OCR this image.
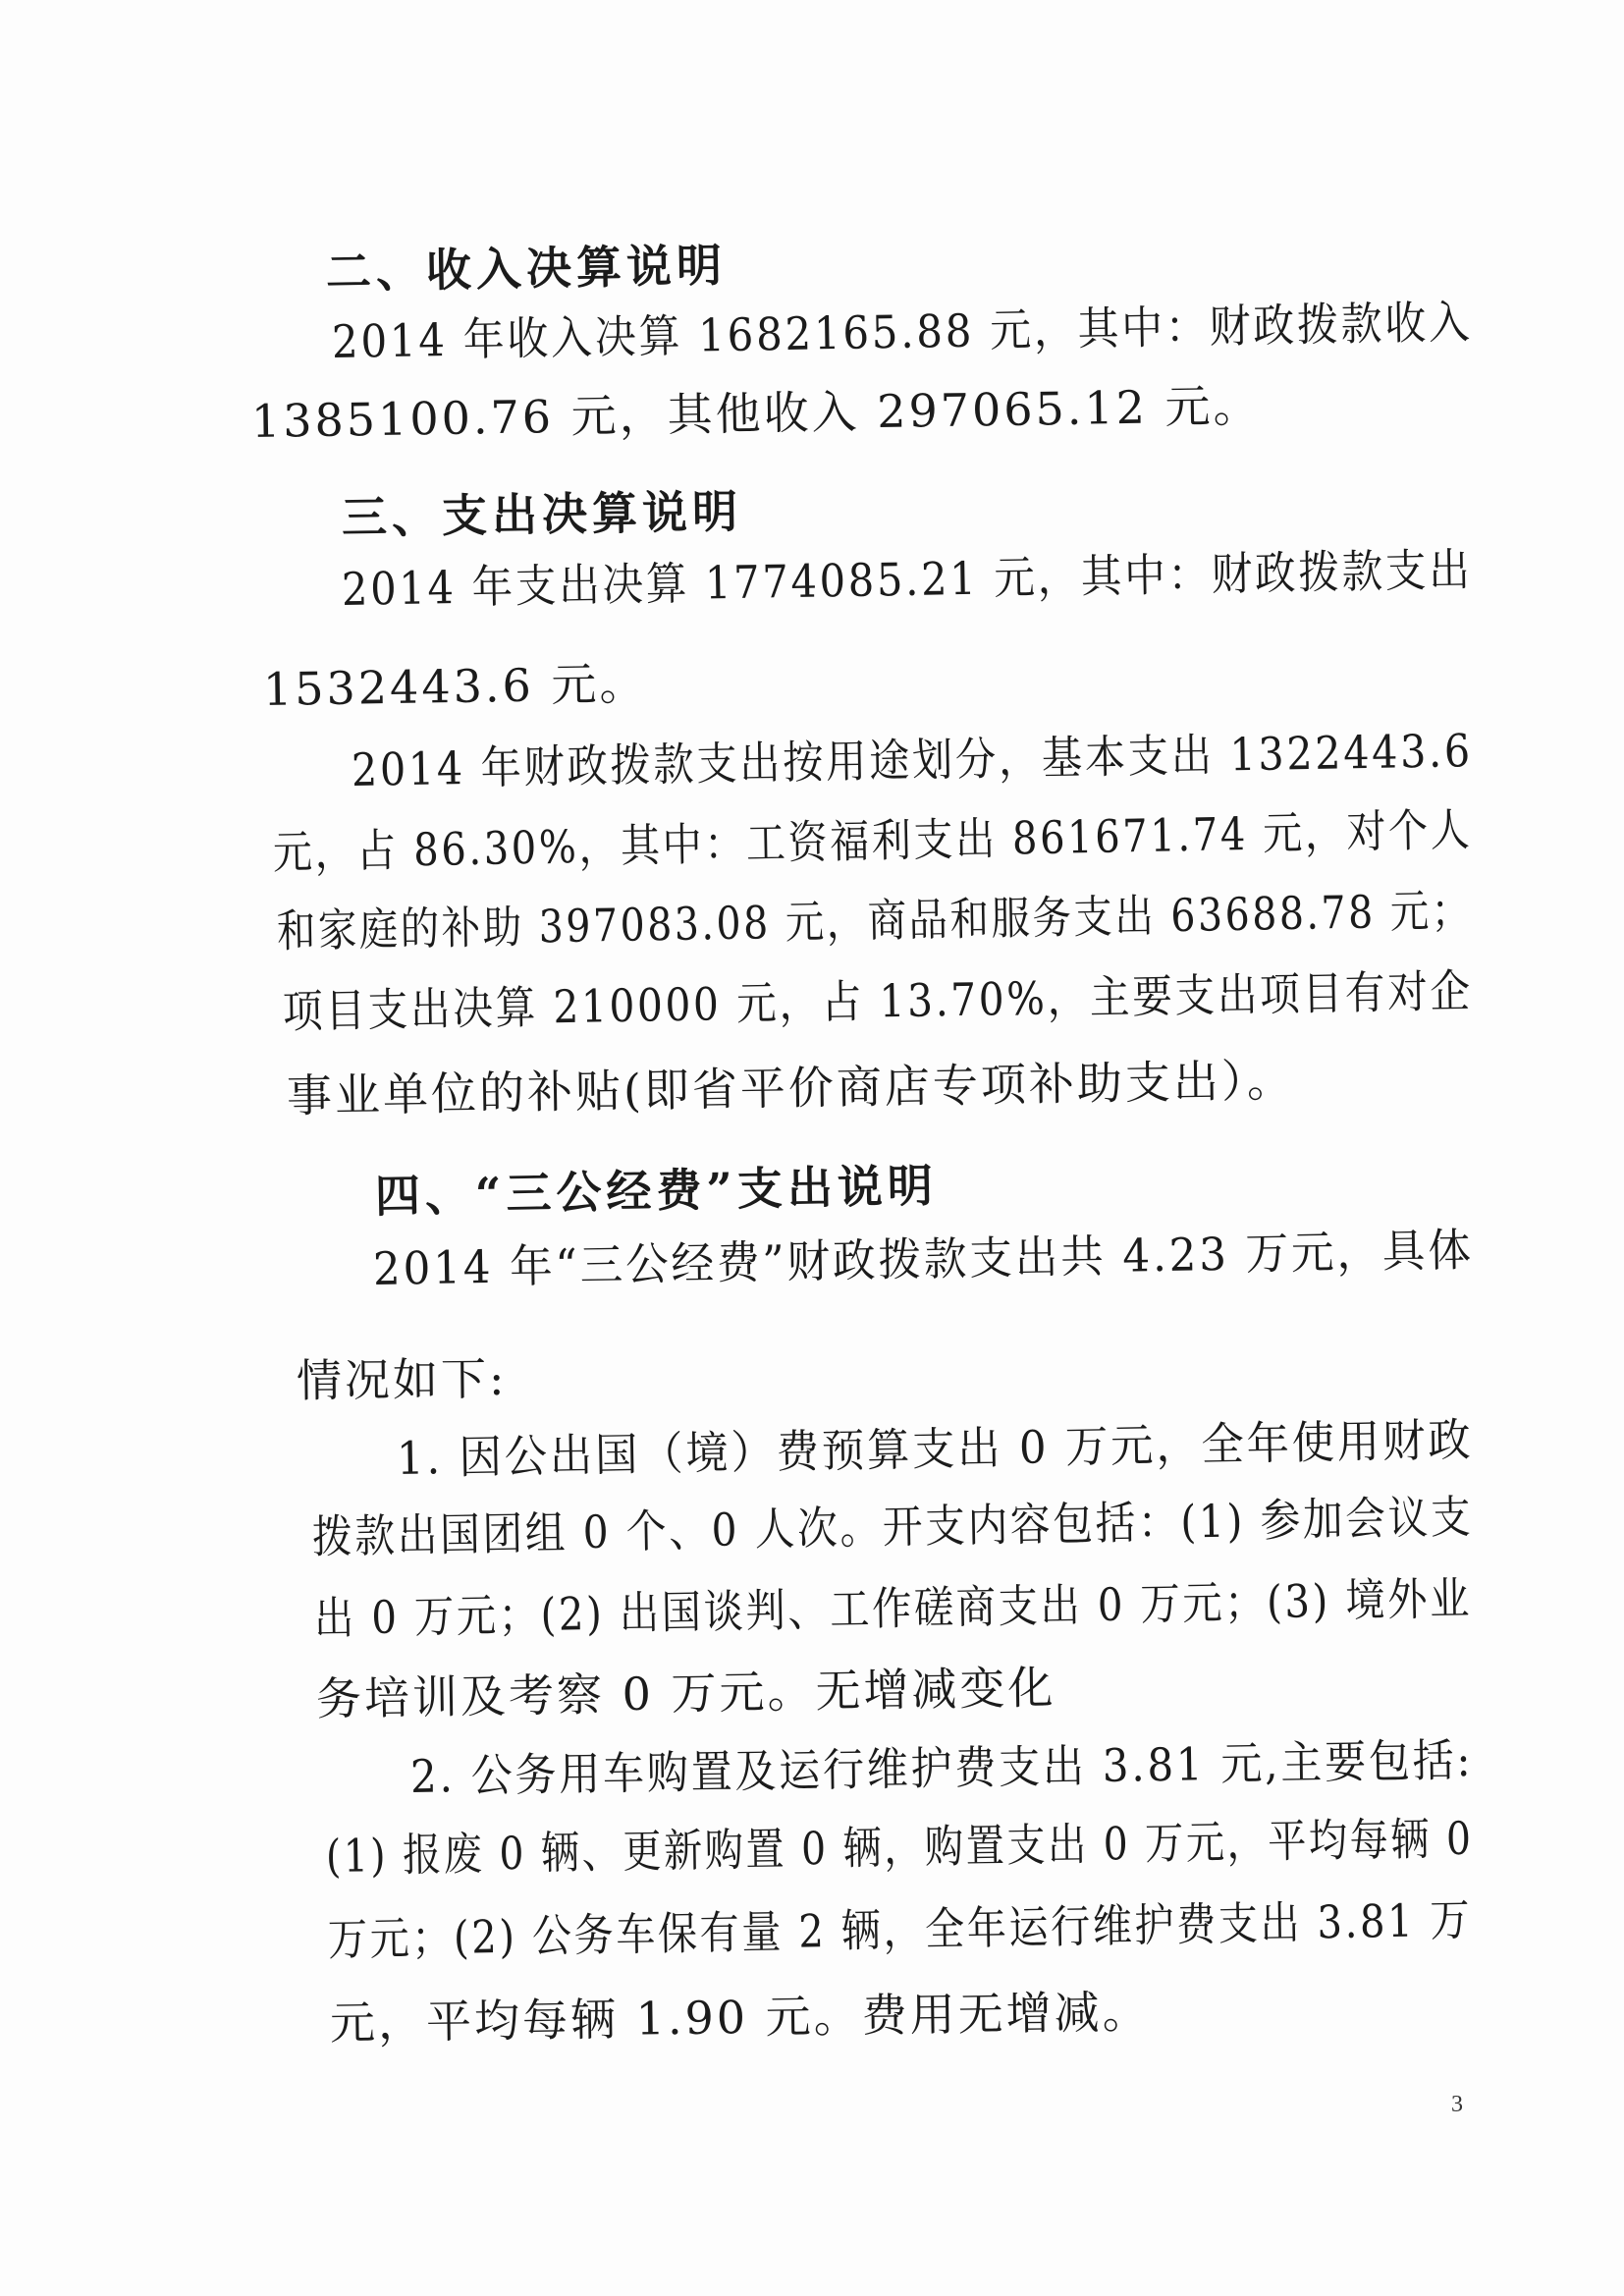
二、收入决算说明
2014 年收入决算 1682165.88 元，其中：财政拨款收入
1385100.76 元，其他收入 297065.12 元。
三、支出决算说明
2014 年支出决算 1774085.21 元，其中：财政拨款支出
1532443.6 元。
2014 年财政拨款支出按用途划分，基本支出 1322443.6
元，占 86.30%，其中：工资福利支出 861671.74 元，对个人
和家庭的补助 397083.08 元，商品和服务支出 63688.78 元；
项目支出决算 210000 元，占 13.70%，主要支出项目有对企
事业单位的补贴(即省平价商店专项补助支出）。
四、“三公经费”支出说明
2014 年“三公经费”财政拨款支出共 4.23 万元，具体
情况如下:
1. 因公出国（境）费预算支出 0 万元，全年使用财政
拨款出国团组 0 个、0 人次。开支内容包括：(1) 参加会议支
出 0 万元；(2) 出国谈判、工作磋商支出 0 万元；(3) 境外业
务培训及考察 0 万元。无增减变化
2. 公务用车购置及运行维护费支出 3.81 元,主要包括:
(1) 报废 0 辆、更新购置 0 辆，购置支出 0 万元，平均每辆 0
万元；(2) 公务车保有量 2 辆，全年运行维护费支出 3.81 万
元，平均每辆 1.90 元。费用无增减。
3
